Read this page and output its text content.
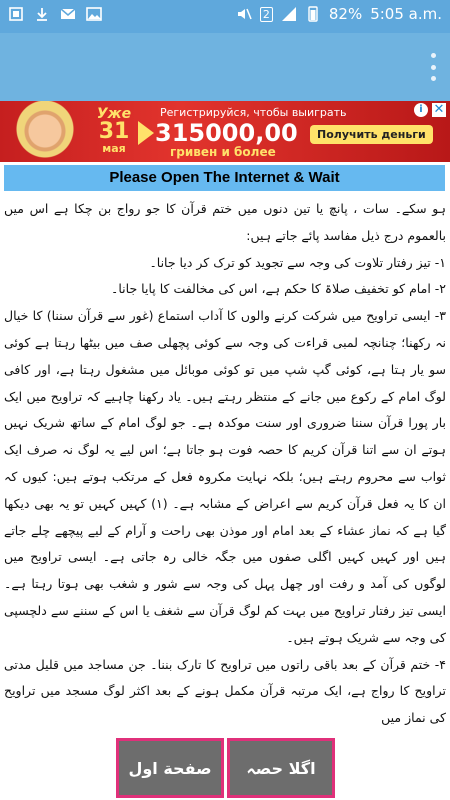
2	82% 5:05 a.m.
Уже
31
мая
Регистрируйся, чтобы выиграть
315000,00
гривен и более
Получить деньги
i ✕
Please Open The Internet & Wait

ہو سکے۔ سات ، پانچ یا تین دنوں میں ختم قرآن کا جو رواج بن چکا ہے اس میں بالعموم درج ذیل مفاسد پائے جاتے ہیں:

۱- تیز رفتار تلاوت کی وجہ سے تجوید کو ترک کر دیا جانا۔

۲- امام کو تخفیف صلاۃ کا حکم ہے، اس کی مخالفت کا پایا جانا۔

۳- ایسی تراویح میں شرکت کرنے والوں کا آداب استماع (غور سے قرآن سننا) کا خیال نہ رکھنا؛ چنانچہ لمبی قراءت کی وجہ سے کوئی پچھلی صف میں بیٹھا رہتا ہے کوئی سو یار ہتا ہے، کوئی گپ شپ میں تو کوئی موبائل میں مشغول رہتا ہے، اور کافی لوگ امام کے رکوع میں جانے کے منتظر رہتے ہیں۔ یاد رکھنا چاہیے کہ تراویح میں ایک بار پورا قرآن سننا ضروری اور سنت موکدہ ہے۔ جو لوگ امام کے ساتھ شریک نہیں ہوتے ان سے اتنا قرآن کریم کا حصہ فوت ہو جاتا ہے؛ اس لیے یہ لوگ نہ صرف ایک ثواب سے محروم رہتے ہیں؛ بلکہ نہایت مکروہ فعل کے مرتکب ہوتے ہیں: کیوں کہ ان کا یہ فعل قرآن کریم سے اعراض کے مشابہ ہے۔ (۱) کہیں کہیں تو یہ بھی دیکھا گیا ہے کہ نماز عشاء کے بعد امام اور موذن بھی راحت و آرام کے لیے پیچھے چلے جاتے ہیں اور کہیں کہیں اگلی صفوں میں جگہ خالی رہ جاتی ہے۔ ایسی تراویح میں لوگوں کی آمد و رفت اور چهل پہل کی وجہ سے شور و شغب بھی ہوتا رہتا ہے۔ ایسی تیز رفتار تراویح میں بہت کم لوگ قرآن سے شغف یا اس کے سننے سے دلچسپی کی وجہ سے شریک ہوتے ہیں۔

۴- ختم قرآن کے بعد باقی راتوں میں تراویح کا تارک بننا۔ جن مساجد میں قلیل مدتی تراویح کا رواج ہے، ایک مرتبہ قرآن مکمل ہونے کے بعد اکثر لوگ مسجد میں تراویح کی نماز میں

صفحة اول	اگلا حصہ
